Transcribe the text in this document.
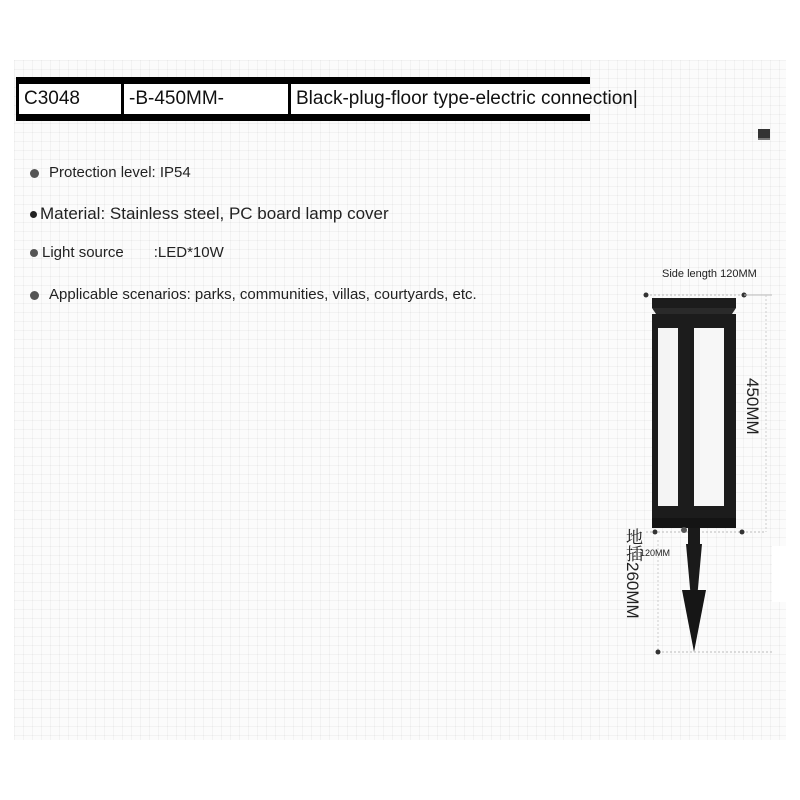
C3048	-B-450MM-	Black-plug-floor type-electric connection|
Protection level: IP54
Material: Stainless steel, PC board lamp cover
Light source :LED*10W
Applicable scenarios: parks, communities, villas, courtyards, etc.
Side length 120MM
450MM
地插260MM
120MM
